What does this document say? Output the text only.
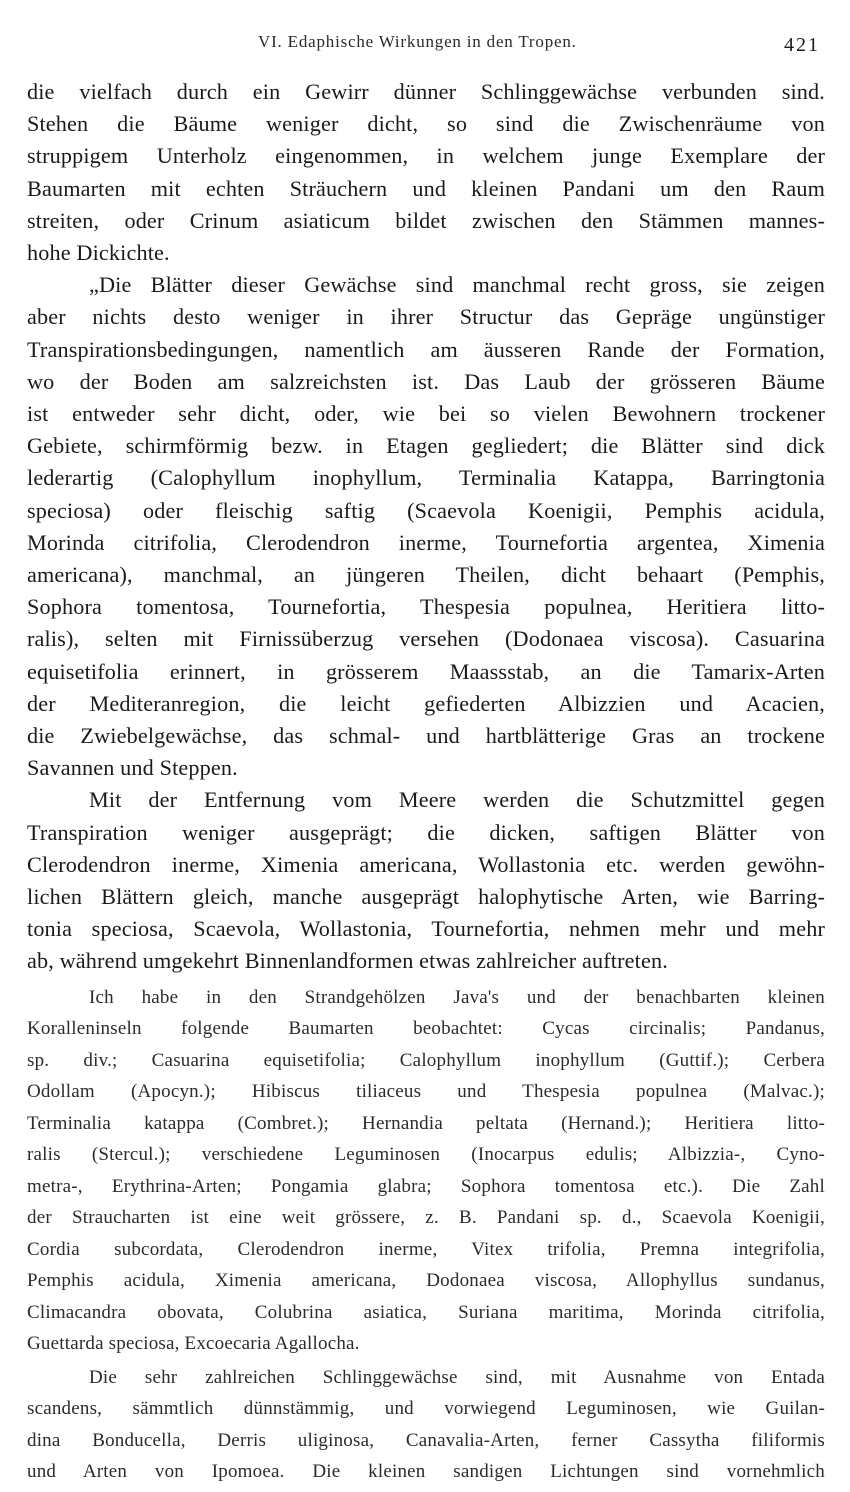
VI. Edaphische Wirkungen in den Tropen.	421

die vielfach durch ein Gewirr dünner Schlinggewächse verbunden sind.
Stehen die Bäume weniger dicht, so sind die Zwischenräume von
struppigem Unterholz eingenommen, in welchem junge Exemplare der
Baumarten mit echten Sträuchern und kleinen Pandani um den Raum
streiten, oder Crinum asiaticum bildet zwischen den Stämmen mannes-
hohe Dickichte.

„Die Blätter dieser Gewächse sind manchmal recht gross, sie zeigen
aber nichts desto weniger in ihrer Structur das Gepräge ungünstiger
Transpirationsbedingungen, namentlich am äusseren Rande der Formation,
wo der Boden am salzreichsten ist. Das Laub der grösseren Bäume
ist entweder sehr dicht, oder, wie bei so vielen Bewohnern trockener
Gebiete, schirmförmig bezw. in Etagen gegliedert; die Blätter sind dick
lederartig (Calophyllum inophyllum, Terminalia Katappa, Barringtonia
speciosa) oder fleischig saftig (Scaevola Koenigii, Pemphis acidula,
Morinda citrifolia, Clerodendron inerme, Tournefortia argentea, Ximenia
americana), manchmal, an jüngeren Theilen, dicht behaart (Pemphis,
Sophora tomentosa, Tournefortia, Thespesia populnea, Heritiera litto-
ralis), selten mit Firnissüberzug versehen (Dodonaea viscosa). Casuarina
equisetifolia erinnert, in grösserem Maassstab, an die Tamarix-Arten
der Mediteranregion, die leicht gefiederten Albizzien und Acacien,
die Zwiebelgewächse, das schmal- und hartblätterige Gras an trockene
Savannen und Steppen.

Mit der Entfernung vom Meere werden die Schutzmittel gegen
Transpiration weniger ausgeprägt; die dicken, saftigen Blätter von
Clerodendron inerme, Ximenia americana, Wollastonia etc. werden gewöhn-
lichen Blättern gleich, manche ausgeprägt halophytische Arten, wie Barring-
tonia speciosa, Scaevola, Wollastonia, Tournefortia, nehmen mehr und mehr
ab, während umgekehrt Binnenlandformen etwas zahlreicher auftreten.

Ich habe in den Strandgehölzen Java's und der benachbarten kleinen
Koralleninseln folgende Baumarten beobachtet: Cycas circinalis; Pandanus,
sp. div.; Casuarina equisetifolia; Calophyllum inophyllum (Guttif.); Cerbera
Odollam (Apocyn.); Hibiscus tiliaceus und Thespesia populnea (Malvac.);
Terminalia katappa (Combret.); Hernandia peltata (Hernand.); Heritiera litto-
ralis (Stercul.); verschiedene Leguminosen (Inocarpus edulis; Albizzia-, Cyno-
metra-, Erythrina-Arten; Pongamia glabra; Sophora tomentosa etc.). Die Zahl
der Straucharten ist eine weit grössere, z. B. Pandani sp. d., Scaevola Koenigii,
Cordia subcordata, Clerodendron inerme, Vitex trifolia, Premna integrifolia,
Pemphis acidula, Ximenia americana, Dodonaea viscosa, Allophyllus sundanus,
Climacandra obovata, Colubrina asiatica, Suriana maritima, Morinda citrifolia,
Guettarda speciosa, Excoecaria Agallocha.

Die sehr zahlreichen Schlinggewächse sind, mit Ausnahme von Entada
scandens, sämmtlich dünnstämmig, und vorwiegend Leguminosen, wie Guilan-
dina Bonducella, Derris uliginosa, Canavalia-Arten, ferner Cassytha filiformis
und Arten von Ipomoea. Die kleinen sandigen Lichtungen sind vornehmlich
